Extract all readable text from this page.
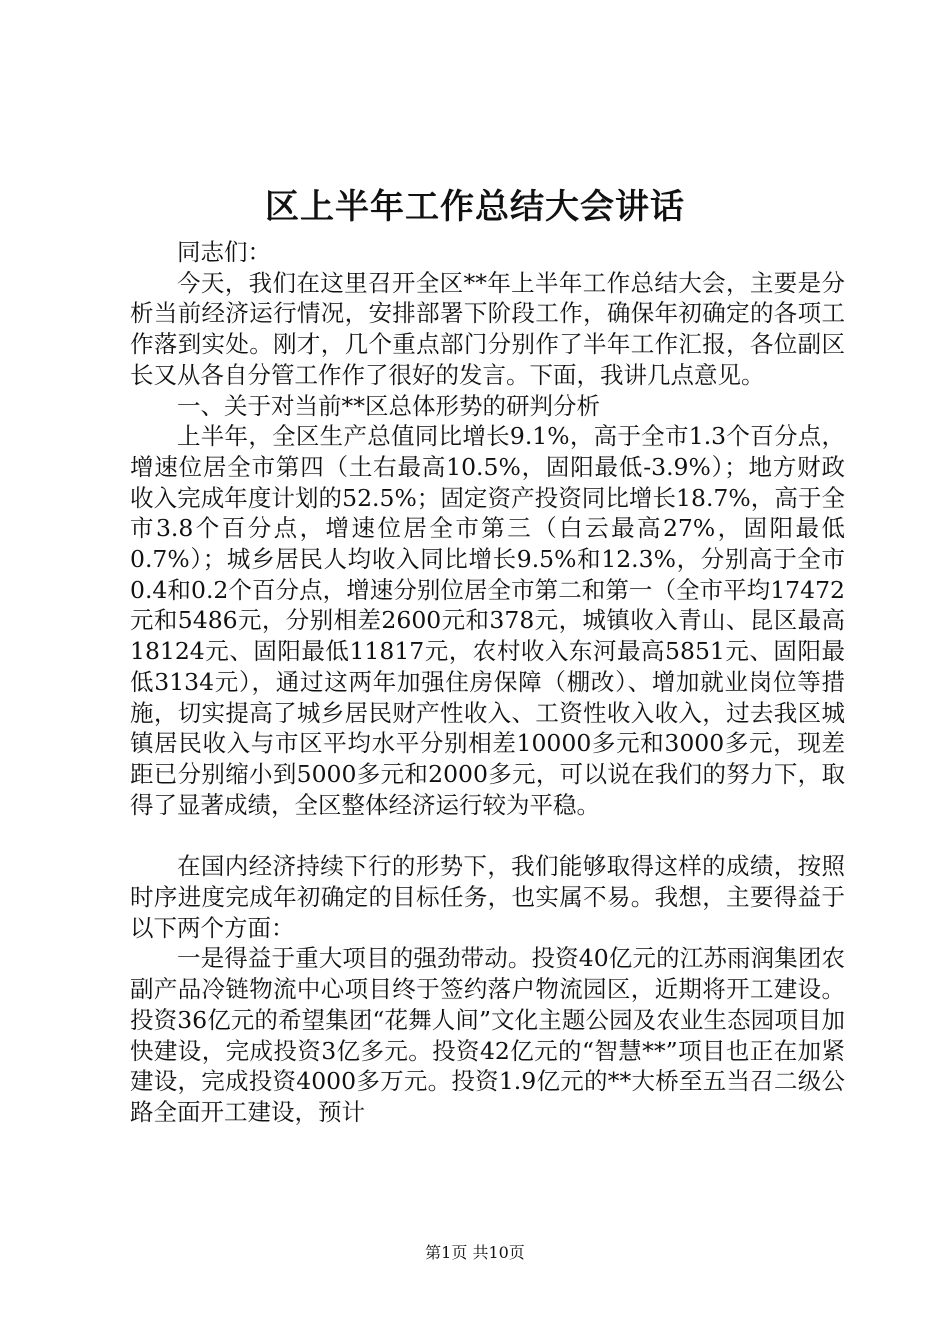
区上半年工作总结大会讲话

同志们：

今天，我们在这里召开全区**年上半年工作总结大会，主要是分析当前经济运行情况，安排部署下阶段工作，确保年初确定的各项工作落到实处。刚才，几个重点部门分别作了半年工作汇报，各位副区长又从各自分管工作作了很好的发言。下面，我讲几点意见。

一、关于对当前**区总体形势的研判分析

上半年，全区生产总值同比增长9.1%，高于全市1.3个百分点，增速位居全市第四（土右最高10.5%，固阳最低-3.9%）；地方财政收入完成年度计划的52.5%；固定资产投资同比增长18.7%，高于全市3.8个百分点，增速位居全市第三（白云最高27%，固阳最低0.7%）；城乡居民人均收入同比增长9.5%和12.3%，分别高于全市0.4和0.2个百分点，增速分别位居全市第二和第一（全市平均17472元和5486元，分别相差2600元和378元，城镇收入青山、昆区最高18124元、固阳最低11817元，农村收入东河最高5851元、固阳最低3134元），通过这两年加强住房保障（棚改）、增加就业岗位等措施，切实提高了城乡居民财产性收入、工资性收入收入，过去我区城镇居民收入与市区平均水平分别相差10000多元和3000多元，现差距已分别缩小到5000多元和2000多元，可以说在我们的努力下，取得了显著成绩，全区整体经济运行较为平稳。

在国内经济持续下行的形势下，我们能够取得这样的成绩，按照时序进度完成年初确定的目标任务，也实属不易。我想，主要得益于以下两个方面：

一是得益于重大项目的强劲带动。投资40亿元的江苏雨润集团农副产品冷链物流中心项目终于签约落户物流园区，近期将开工建设。投资36亿元的希望集团“花舞人间”文化主题公园及农业生态园项目加快建设，完成投资3亿多元。投资42亿元的“智慧**”项目也正在加紧建设，完成投资4000多万元。投资1.9亿元的**大桥至五当召二级公路全面开工建设，预计

第1页 共10页
